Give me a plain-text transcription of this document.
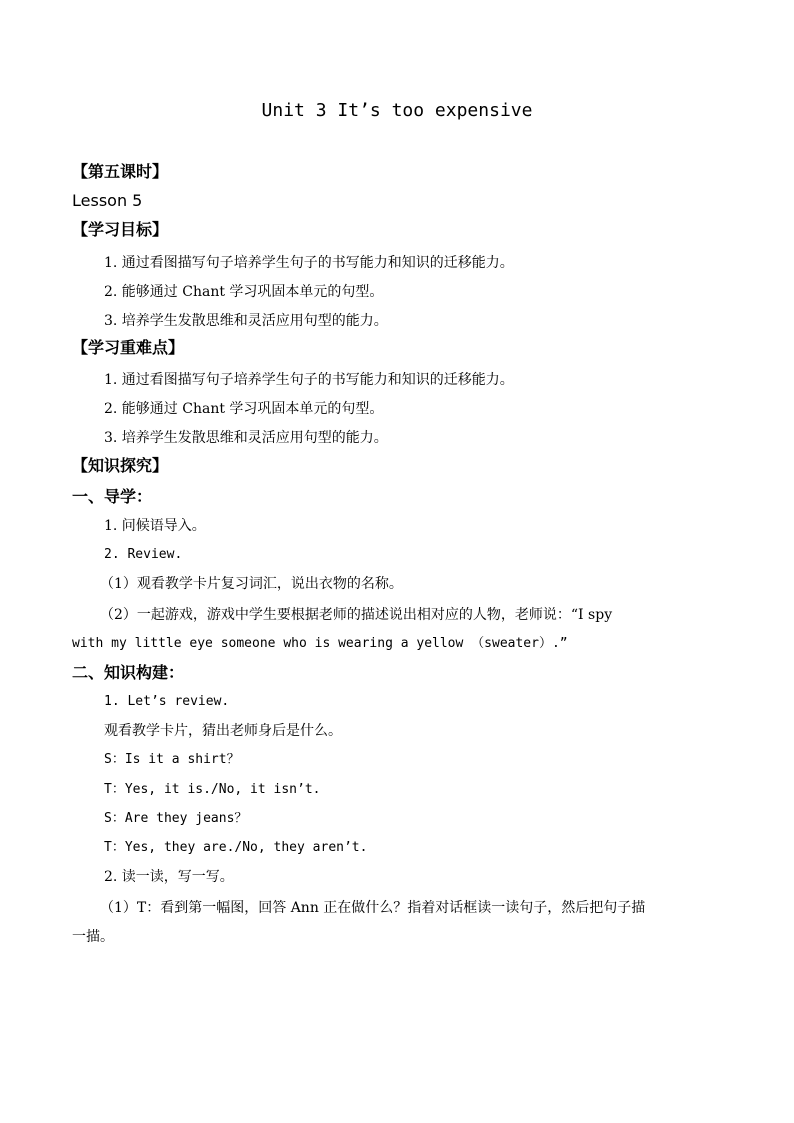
Unit 3 It’s too expensive
【第五课时】
Lesson 5
【学习目标】
1. 通过看图描写句子培养学生句子的书写能力和知识的迁移能力。
2. 能够通过 Chant 学习巩固本单元的句型。
3. 培养学生发散思维和灵活应用句型的能力。
【学习重难点】
1. 通过看图描写句子培养学生句子的书写能力和知识的迁移能力。
2. 能够通过 Chant 学习巩固本单元的句型。
3. 培养学生发散思维和灵活应用句型的能力。
【知识探究】
一、导学：
1. 问候语导入。
2. Review.
（1）观看教学卡片复习词汇，说出衣物的名称。
（2）一起游戏，游戏中学生要根据老师的描述说出相对应的人物，老师说：“I spy
with my little eye someone who is wearing a yellow （sweater）.”
二、知识构建：
1. Let’s review.
观看教学卡片，猜出老师身后是什么。
S：Is it a shirt？
T：Yes, it is./No, it isn’t.
S：Are they jeans？
T：Yes, they are./No, they aren’t.
2. 读一读，写一写。
（1）T：看到第一幅图，回答 Ann 正在做什么？指着对话框读一读句子，然后把句子描
一描。
